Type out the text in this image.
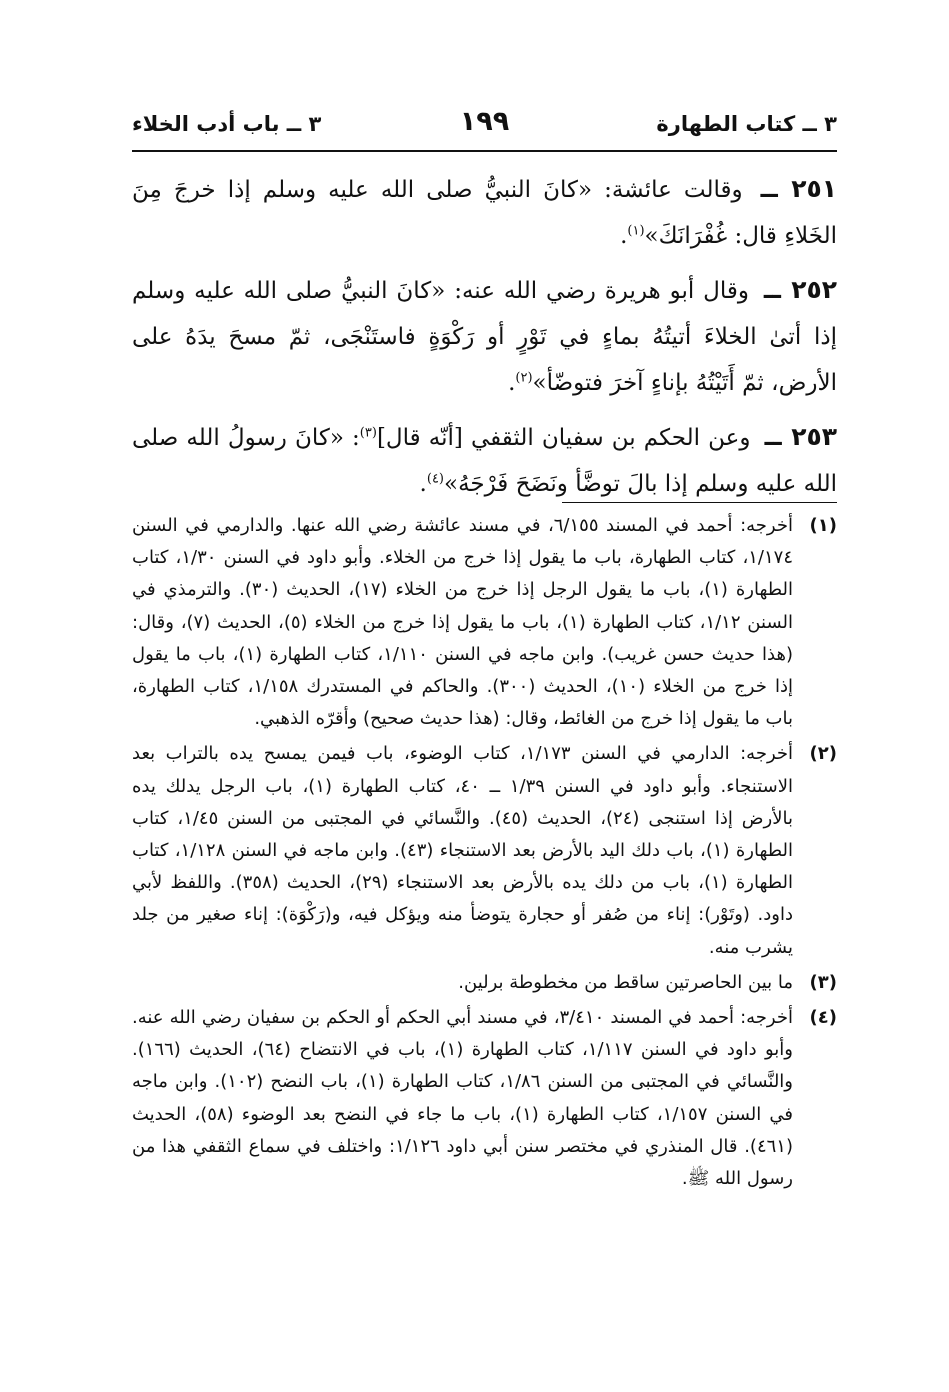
٣ ــ كتاب الطهارة
١٩٩
٣ ــ باب أدب الخلاء

٢٥١ ــ وقالت عائشة: «كانَ النبيُّ صلى الله عليه وسلم إذا خرجَ مِنَ الخَلاءِ قال: غُفْرَانَكَ»$^{(١)}$.

٢٥٢ ــ وقال أبو هريرة رضي الله عنه: «كانَ النبيُّ صلى الله عليه وسلم إذا أتىٰ الخلاءَ أتيتُهُ بماءٍ في تَوْرٍ أو رَكْوَةٍ فاستَنْجَى، ثمّ مسحَ يدَهُ على الأرض، ثمّ أَتَيْتُهُ بإناءٍ آخرَ فتوضّأ»$^{(٢)}$.

٢٥٣ ــ وعن الحكم بن سفيان الثقفي [أنّه قال]$^{(٣)}$: «كانَ رسولُ الله صلى الله عليه وسلم إذا بالَ توضَّأ ونَضَحَ فَرْجَهُ»$^{(٤)}$.

(١)
أخرجه: أحمد في المسند ٦/١٥٥، في مسند عائشة رضي الله عنها. والدارمي في السنن ١/١٧٤، كتاب الطهارة، باب ما يقول إذا خرج من الخلاء. وأبو داود في السنن ١/٣٠، كتاب الطهارة (١)، باب ما يقول الرجل إذا خرج من الخلاء (١٧)، الحديث (٣٠). والترمذي في السنن ١/١٢، كتاب الطهارة (١)، باب ما يقول إذا خرج من الخلاء (٥)، الحديث (٧)، وقال: (هذا حديث حسن غريب). وابن ماجه في السنن ١/١١٠، كتاب الطهارة (١)، باب ما يقول إذا خرج من الخلاء (١٠)، الحديث (٣٠٠). والحاكم في المستدرك ١/١٥٨، كتاب الطهارة، باب ما يقول إذا خرج من الغائط، وقال: (هذا حديث صحيح) وأقرّه الذهبي.
(٢)
أخرجه: الدارمي في السنن ١/١٧٣، كتاب الوضوء، باب فيمن يمسح يده بالتراب بعد الاستنجاء. وأبو داود في السنن ١/٣٩ ــ ٤٠، كتاب الطهارة (١)، باب الرجل يدلك يده بالأرض إذا استنجى (٢٤)، الحديث (٤٥). والنَّسائي في المجتبى من السنن ١/٤٥، كتاب الطهارة (١)، باب دلك اليد بالأرض بعد الاستنجاء (٤٣). وابن ماجه في السنن ١/١٢٨، كتاب الطهارة (١)، باب من دلك يده بالأرض بعد الاستنجاء (٢٩)، الحديث (٣٥٨). واللفظ لأبي داود. (وتَوْر): إناء من صُفر أو حجارة يتوضأ منه ويؤكل فيه، و(رَكْوَة): إناء صغير من جلد يشرب منه.
(٣)
ما بين الحاصرتين ساقط من مخطوطة برلين.
(٤)
أخرجه: أحمد في المسند ٣/٤١٠، في مسند أبي الحكم أو الحكم بن سفيان رضي الله عنه. وأبو داود في السنن ١/١١٧، كتاب الطهارة (١)، باب في الانتضاح (٦٤)، الحديث (١٦٦). والنَّسائي في المجتبى من السنن ١/٨٦، كتاب الطهارة (١)، باب النضح (١٠٢). وابن ماجه في السنن ١/١٥٧، كتاب الطهارة (١)، باب ما جاء في النضح بعد الوضوء (٥٨)، الحديث (٤٦١). قال المنذري في مختصر سنن أبي داود ١/١٢٦: واختلف في سماع الثقفي هذا من رسول الله ﷺ.
